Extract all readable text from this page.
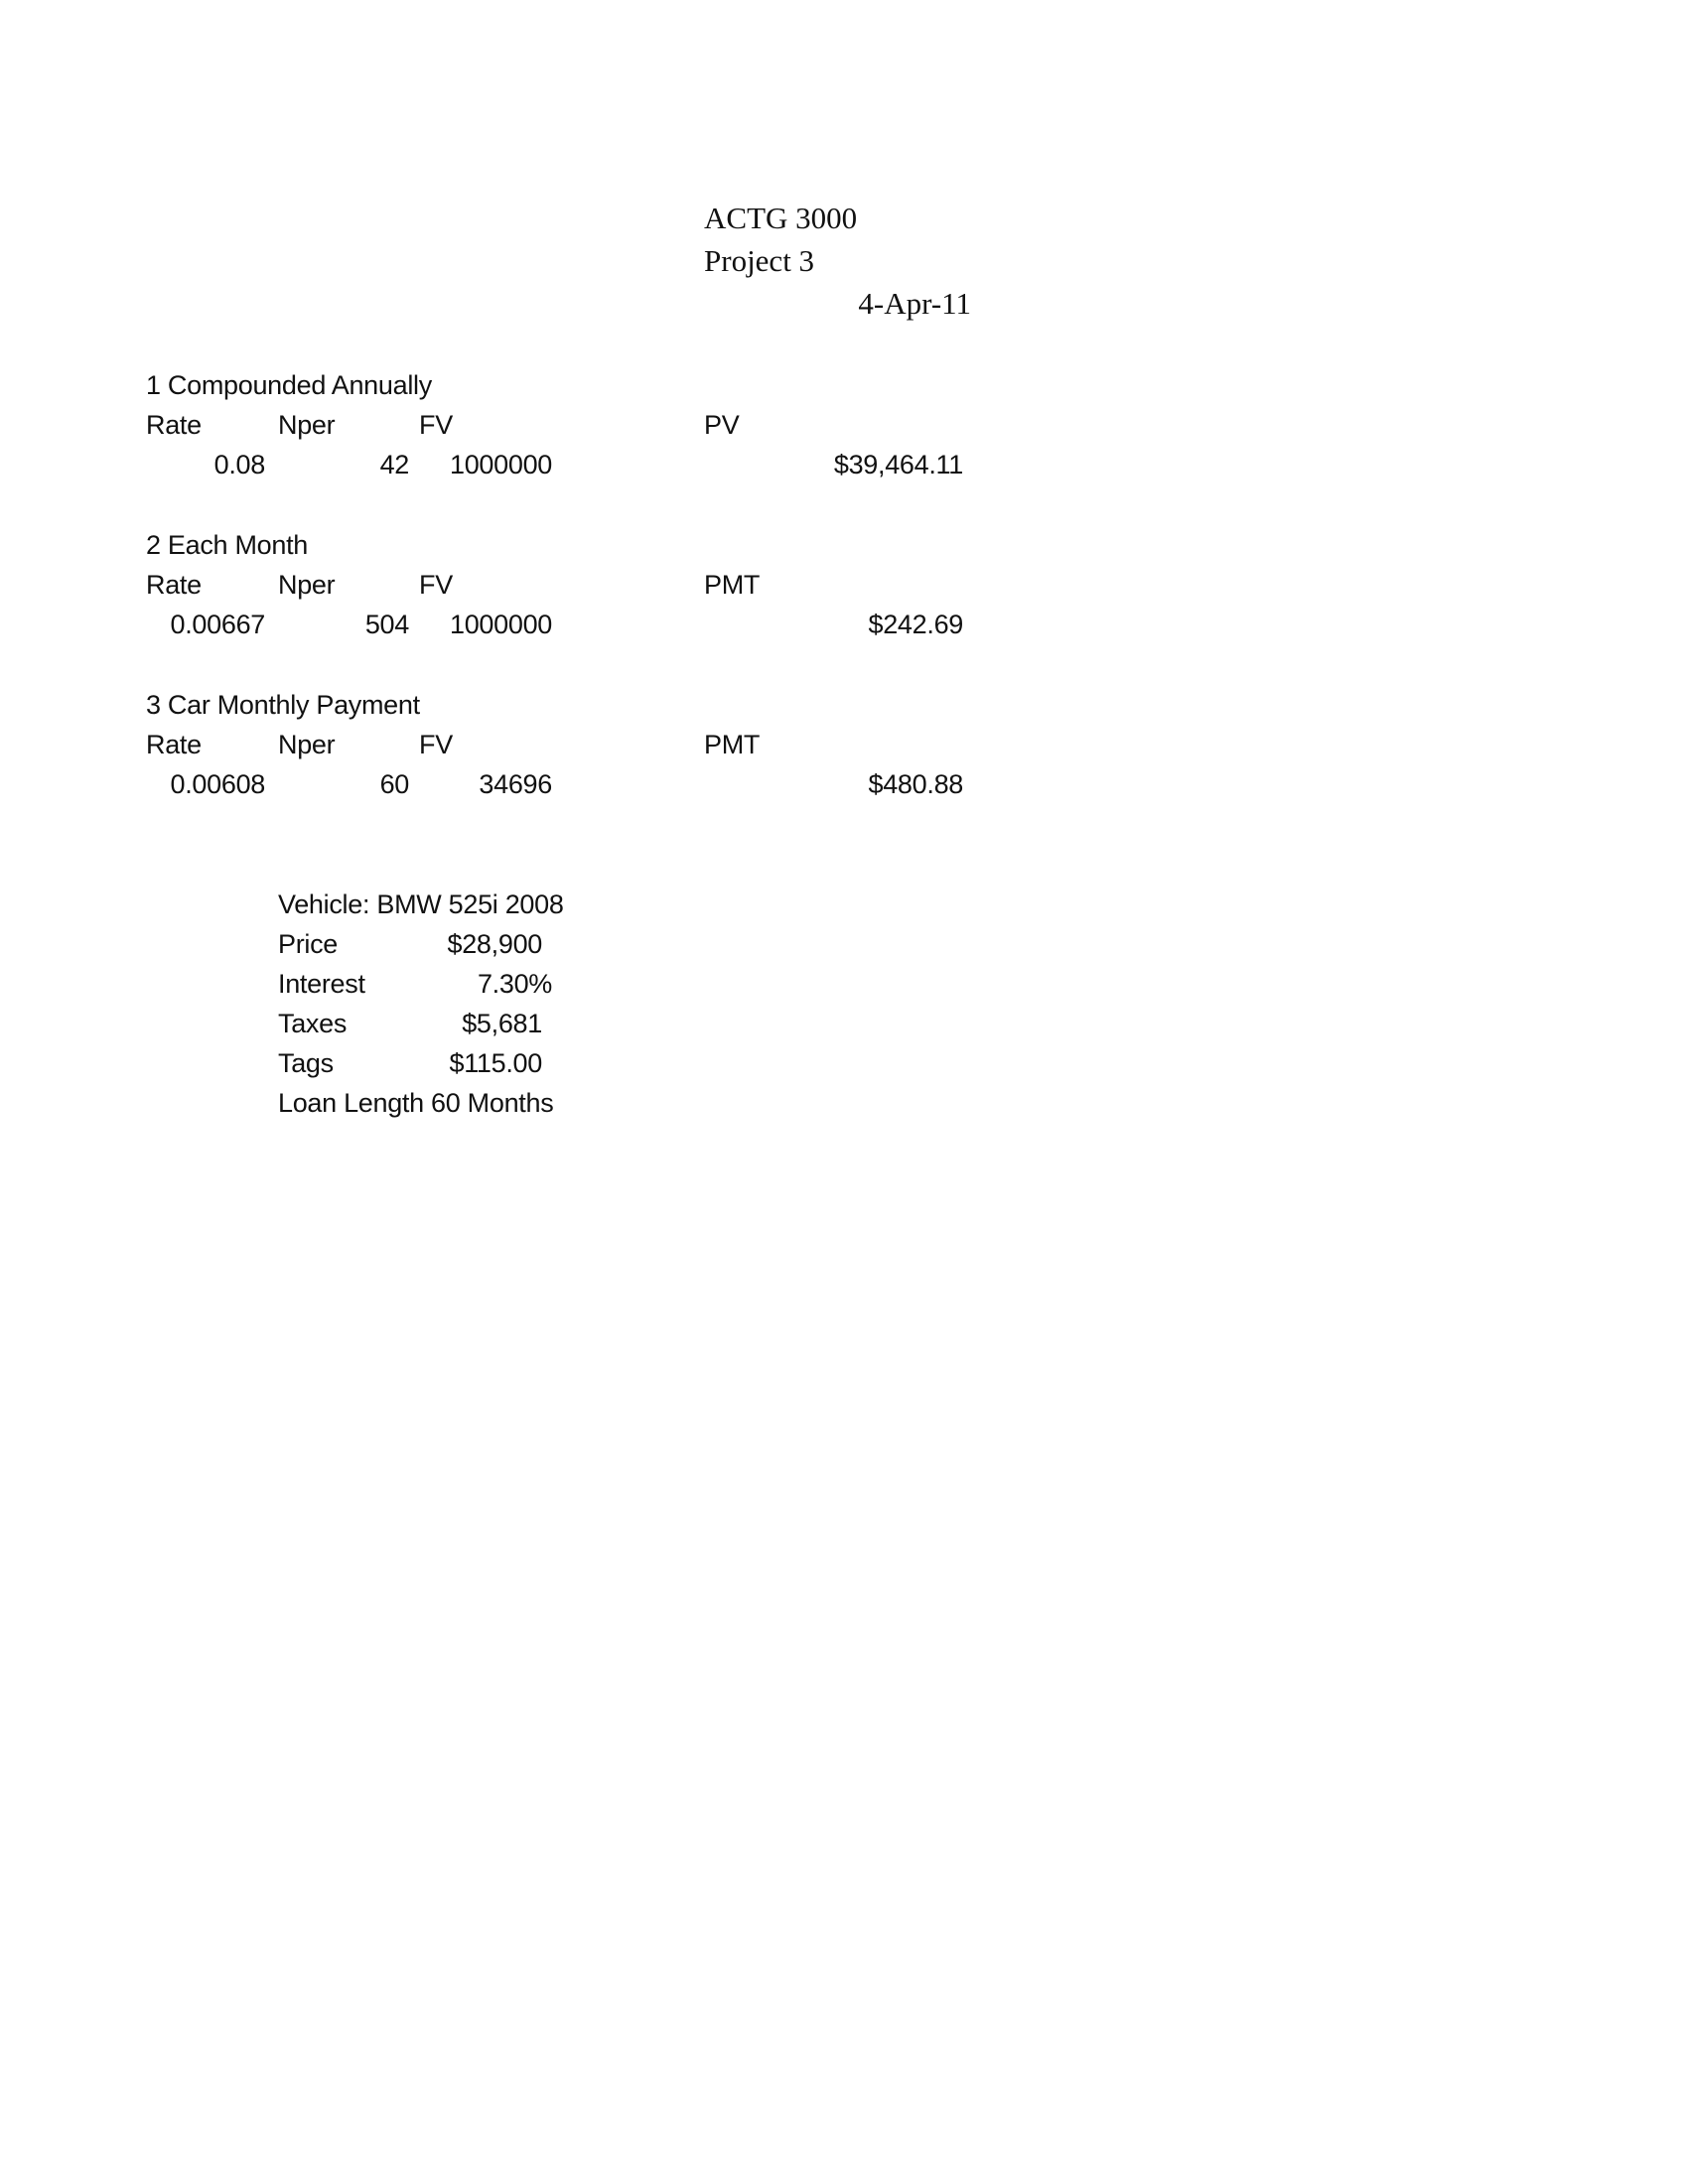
ACTG 3000
Project 3
4-Apr-11
1 Compounded Annually
Rate	Nper	FV	PV
0.08	42	1000000	$39,464.11
2 Each Month
Rate	Nper	FV	PMT
0.00667	504	1000000	$242.69
3 Car Monthly Payment
Rate	Nper	FV	PMT
0.00608	60	34696	$480.88
Vehicle: BMW 525i 2008
Price	$28,900
Interest	7.30%
Taxes	$5,681
Tags	$115.00
Loan Length 60 Months
